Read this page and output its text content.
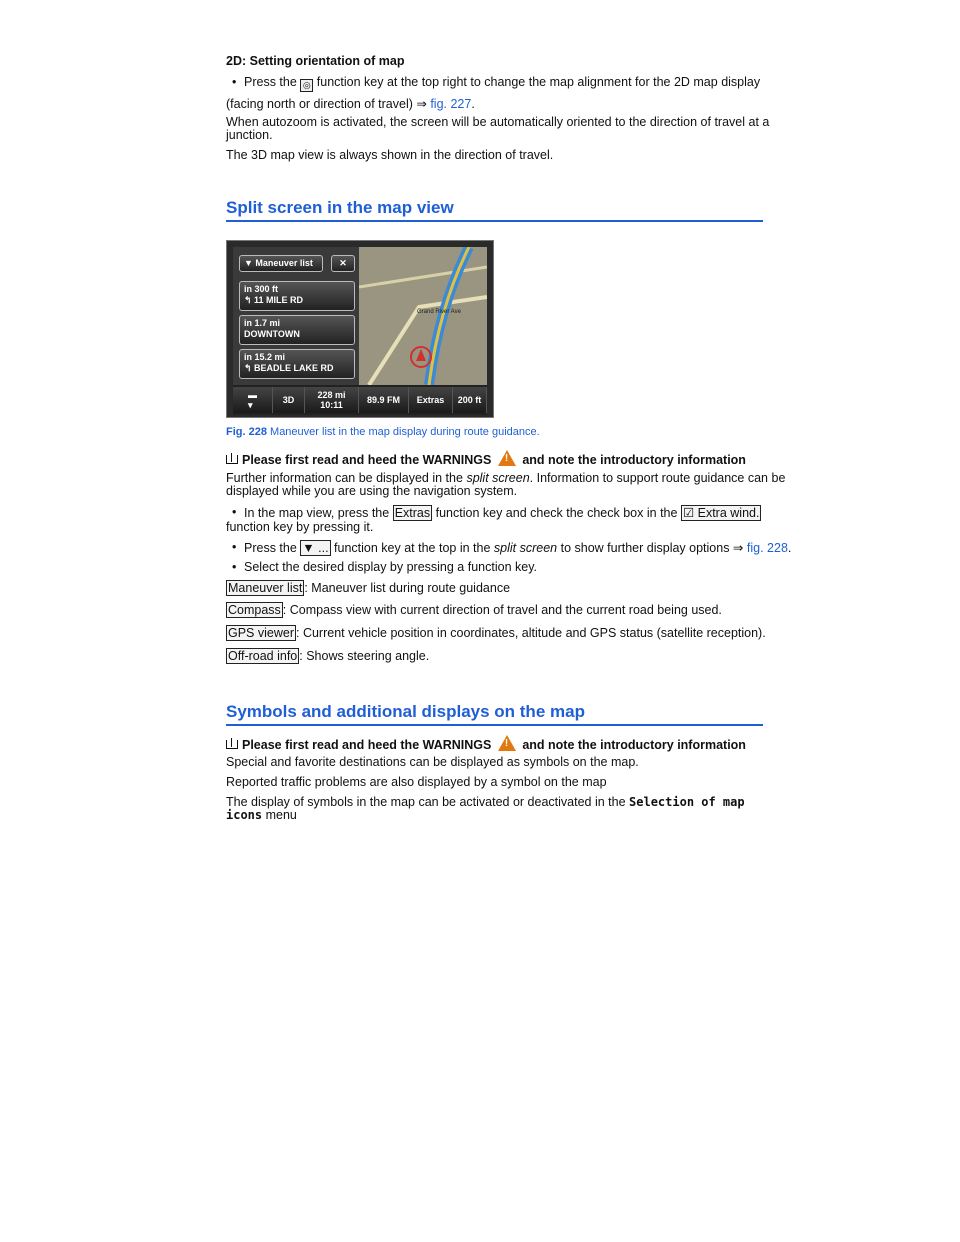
2D: Setting orientation of map
• Press the ◎ function key at the top right to change the map alignment for the 2D map display
(facing north or direction of travel) ⇒ fig. 227.
When autozoom is activated, the screen will be automatically oriented to the direction of travel at a
junction.
The 3D map view is always shown in the direction of travel.
Split screen in the map view
Grand River Ave
▼ Maneuver list	✕
in 300 ft
↰ 11 MILE RD
in 1.7 mi
DOWNTOWN
in 15.2 mi
↰ BEADLE LAKE RD
▬
▾	3D	228 mi
10:11	89.9 FM	Extras	200 ft
Fig. 228 Maneuver list in the map display during route guidance.
Please first read and heed the WARNINGS ! and note the introductory information
Further information can be displayed in the split screen. Information to support route guidance can be
displayed while you are using the navigation system.
• In the map view, press the Extras function key and check the check box in the ☑ Extra wind.
function key by pressing it.
• Press the ▼ ... function key at the top in the split screen to show further display options ⇒ fig. 228.
• Select the desired display by pressing a function key.
Maneuver list : Maneuver list during route guidance
Compass : Compass view with current direction of travel and the current road being used.
GPS viewer : Current vehicle position in coordinates, altitude and GPS status (satellite reception).
Off-road info : Shows steering angle.
Symbols and additional displays on the map
Please first read and heed the WARNINGS ! and note the introductory information
Special and favorite destinations can be displayed as symbols on the map.
Reported traffic problems are also displayed by a symbol on the map
The display of symbols in the map can be activated or deactivated in the Selection of map
icons menu
